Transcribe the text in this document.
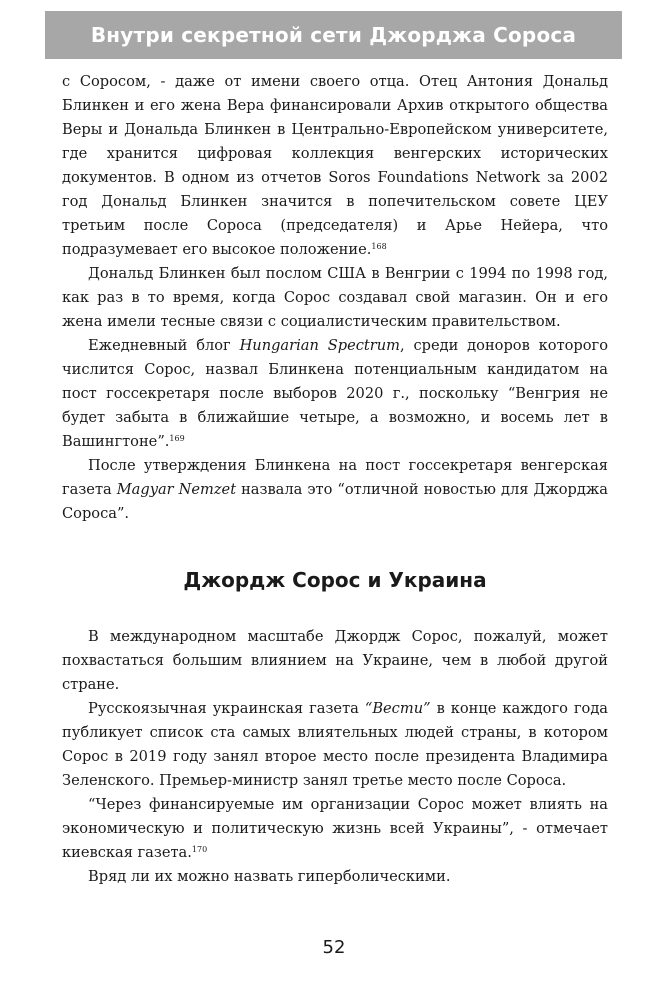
Внутри секретной сети Джорджа Сороса

с Соросом, - даже от имени своего отца. Отец Антония Дональд Блинкен и его жена Вера финансировали Архив открытого общества Веры и Дональда Блинкен в Центрально-Европейском университете, где хранится цифровая коллекция венгерских исторических документов. В одном из отчетов Soros Foundations Network за 2002 год Дональд Блинкен значится в попечительском совете ЦЕУ третьим после Сороса (председателя) и Арье Нейера, что подразумевает его высокое положение.$^{168}$

Дональд Блинкен был послом США в Венгрии с 1994 по 1998 год, как раз в то время, когда Сорос создавал свой магазин. Он и его жена имели тесные связи с социалистическим правительством.

Ежедневный блог Hungarian Spectrum, среди доноров которого числится Сорос, назвал Блинкена потенциальным кандидатом на пост госсекретаря после выборов 2020 г., поскольку “Венгрия не будет забыта в ближайшие четыре, а возможно, и восемь лет в Вашингтоне”.$^{169}$

После утверждения Блинкена на пост госсекретаря венгерская газета Magyar Nemzet назвала это “отличной новостью для Джорджа Сороса”.

Джордж Сорос и Украина

В международном масштабе Джордж Сорос, пожалуй, может похвастаться большим влиянием на Украине, чем в любой другой стране.

Русскоязычная украинская газета “Вести” в конце каждого года публикует список ста самых влиятельных людей страны, в котором Сорос в 2019 году занял второе место после президента Владимира Зеленского. Премьер-министр занял третье место после Сороса.

“Через финансируемые им организации Сорос может влиять на экономическую и политическую жизнь всей Украины”, - отмечает киевская газета.$^{170}$

Вряд ли их можно назвать гиперболическими.

52
